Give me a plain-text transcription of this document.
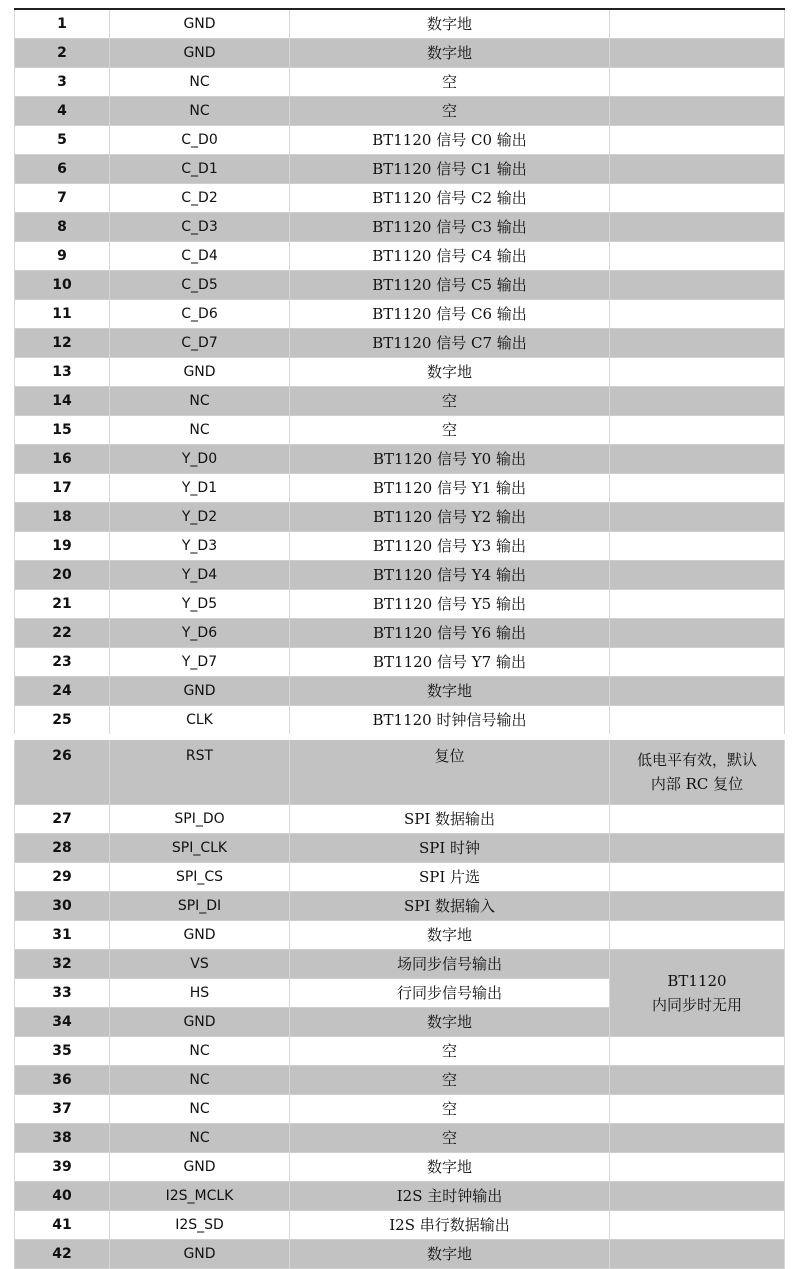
1	GND	数字地	
2	GND	数字地	
3	NC	空	
4	NC	空	
5	C_D0	BT1120 信号 C0 输出	
6	C_D1	BT1120 信号 C1 输出	
7	C_D2	BT1120 信号 C2 输出	
8	C_D3	BT1120 信号 C3 输出	
9	C_D4	BT1120 信号 C4 输出	
10	C_D5	BT1120 信号 C5 输出	
11	C_D6	BT1120 信号 C6 输出	
12	C_D7	BT1120 信号 C7 输出	
13	GND	数字地	
14	NC	空	
15	NC	空	
16	Y_D0	BT1120 信号 Y0 输出	
17	Y_D1	BT1120 信号 Y1 输出	
18	Y_D2	BT1120 信号 Y2 输出	
19	Y_D3	BT1120 信号 Y3 输出	
20	Y_D4	BT1120 信号 Y4 输出	
21	Y_D5	BT1120 信号 Y5 输出	
22	Y_D6	BT1120 信号 Y6 输出	
23	Y_D7	BT1120 信号 Y7 输出	
24	GND	数字地	
25	CLK	BT1120 时钟信号输出	
26	RST	复位	低电平有效，默认
内部 RC 复位

27	SPI_DO	SPI 数据输出	
28	SPI_CLK	SPI 时钟	
29	SPI_CS	SPI 片选	
30	SPI_DI	SPI 数据输入	
31	GND	数字地	
32	VS	场同步信号输出	BT1120
内同步时无用

33	HS	行同步信号输出	
34	GND	数字地	
35	NC	空	
36	NC	空	
37	NC	空	
38	NC	空	
39	GND	数字地	
40	I2S_MCLK	I2S 主时钟输出	
41	I2S_SD	I2S 串行数据输出	
42	GND	数字地	
